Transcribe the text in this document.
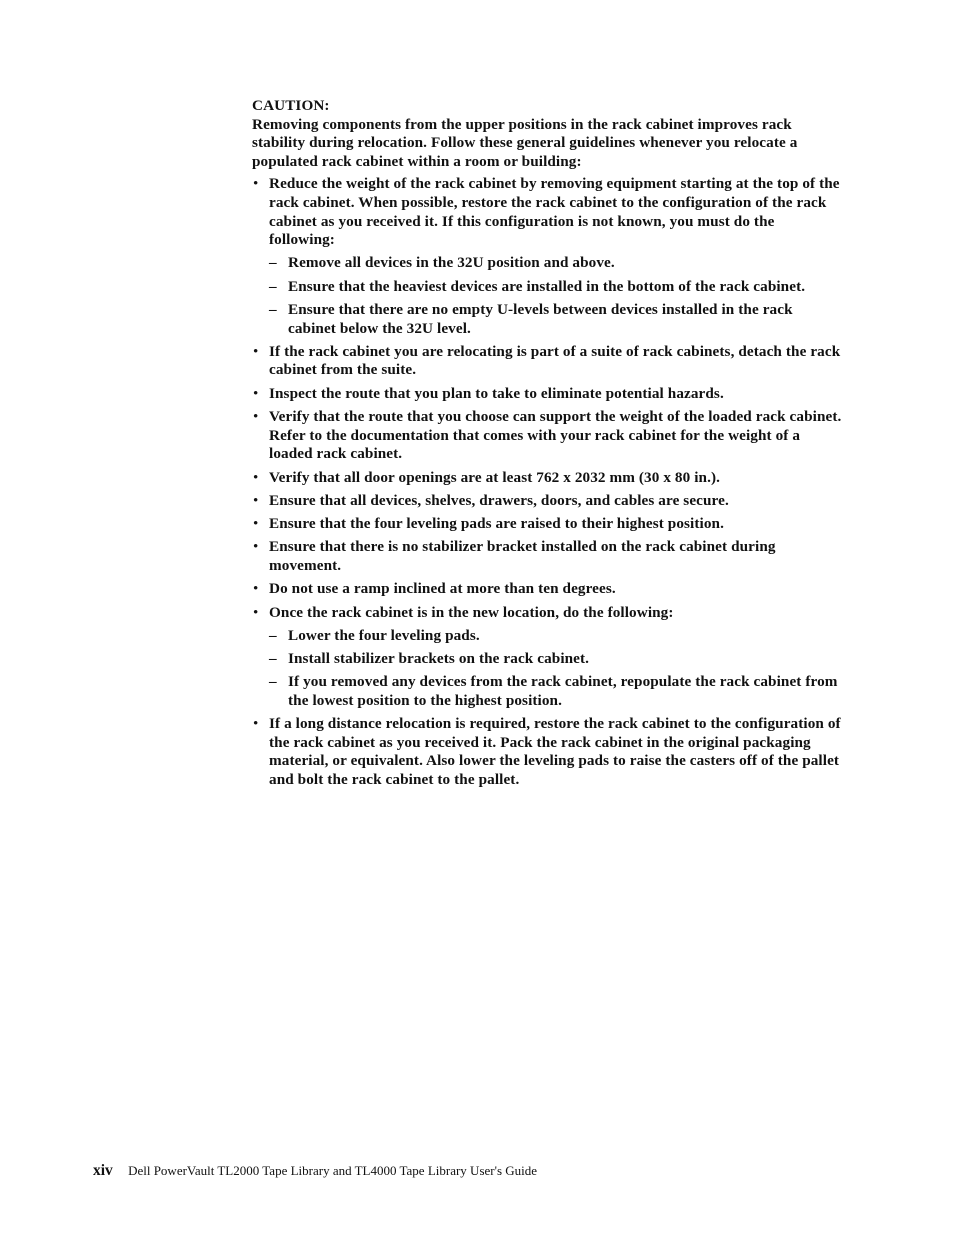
CAUTION:

Removing components from the upper positions in the rack cabinet improves rack stability during relocation. Follow these general guidelines whenever you relocate a populated rack cabinet within a room or building:

• Reduce the weight of the rack cabinet by removing equipment starting at the top of the rack cabinet. When possible, restore the rack cabinet to the configuration of the rack cabinet as you received it. If this configuration is not known, you must do the following:
– Remove all devices in the 32U position and above.
– Ensure that the heaviest devices are installed in the bottom of the rack cabinet.
– Ensure that there are no empty U-levels between devices installed in the rack cabinet below the 32U level.
• If the rack cabinet you are relocating is part of a suite of rack cabinets, detach the rack cabinet from the suite.
• Inspect the route that you plan to take to eliminate potential hazards.
• Verify that the route that you choose can support the weight of the loaded rack cabinet. Refer to the documentation that comes with your rack cabinet for the weight of a loaded rack cabinet.
• Verify that all door openings are at least 762 x 2032 mm (30 x 80 in.).
• Ensure that all devices, shelves, drawers, doors, and cables are secure.
• Ensure that the four leveling pads are raised to their highest position.
• Ensure that there is no stabilizer bracket installed on the rack cabinet during movement.
• Do not use a ramp inclined at more than ten degrees.
• Once the rack cabinet is in the new location, do the following:
– Lower the four leveling pads.
– Install stabilizer brackets on the rack cabinet.
– If you removed any devices from the rack cabinet, repopulate the rack cabinet from the lowest position to the highest position.
• If a long distance relocation is required, restore the rack cabinet to the configuration of the rack cabinet as you received it. Pack the rack cabinet in the original packaging material, or equivalent. Also lower the leveling pads to raise the casters off of the pallet and bolt the rack cabinet to the pallet.
xiv Dell PowerVault TL2000 Tape Library and TL4000 Tape Library User's Guide
